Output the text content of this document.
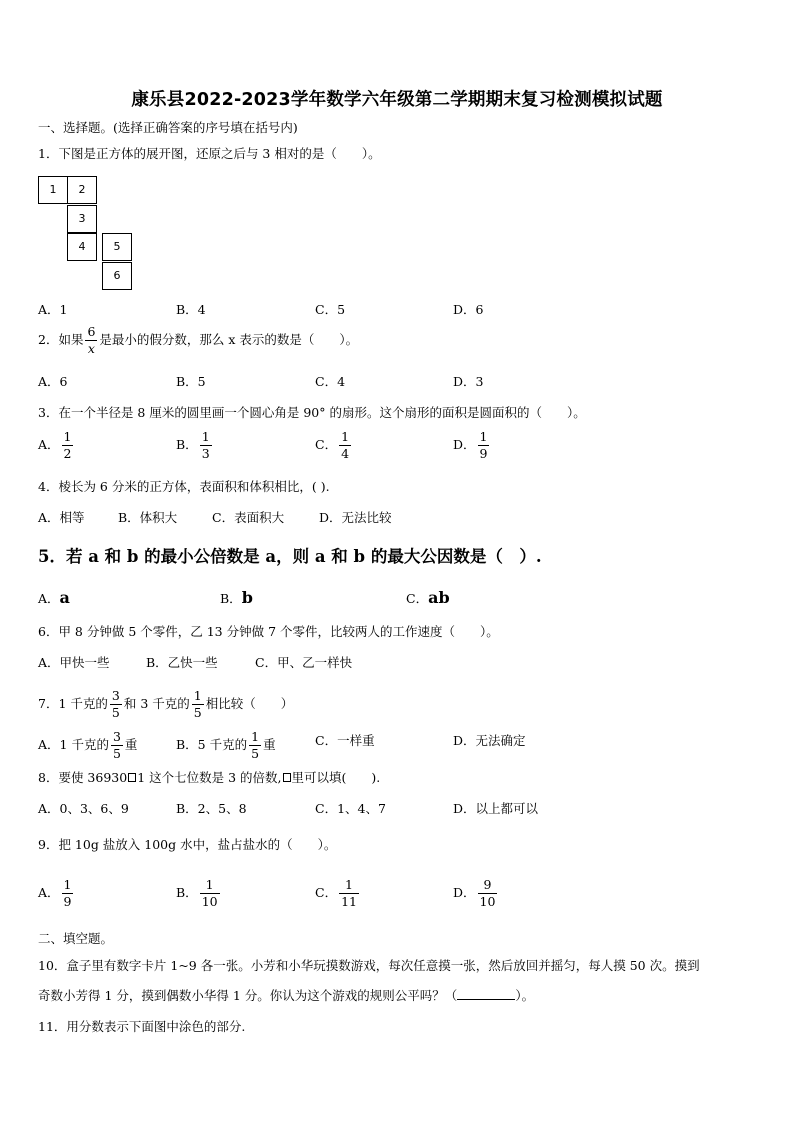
康乐县2022-2023学年数学六年级第二学期期末复习检测模拟试题
一、选择题。(选择正确答案的序号填在括号内)
1．下图是正方体的展开图，还原之后与 3 相对的是（　　）。
1	2
3
4	5
6
A．1	B．4	C．5	D．6
2．如果 $\frac{6}{x}$ 是最小的假分数，那么 x 表示的数是（　　）。
A．6	B．5	C．4	D．3
3．在一个半径是 8 厘米的圆里画一个圆心角是 90° 的扇形。这个扇形的面积是圆面积的（　　）。
A． $\frac{1}{2}$	B． $\frac{1}{3}$	C． $\frac{1}{4}$	D． $\frac{1}{9}$
4．棱长为 6 分米的正方体，表面积和体积相比，( ).
A．相等	B．体积大	C．表面积大	D．无法比较
5．若 a 和 b 的最小公倍数是 a，则 a 和 b 的最大公因数是（　）.
A．a	B．b	C．ab
6．甲 8 分钟做 5 个零件，乙 13 分钟做 7 个零件，比较两人的工作速度（　　）。
A．甲快一些	B．乙快一些	C．甲、乙一样快
7．1 千克的 $\frac{3}{5}$ 和 3 千克的 $\frac{1}{5}$ 相比较（　　）
A．1 千克的 $\frac{3}{5}$ 重	B．5 千克的 $\frac{1}{5}$ 重	C．一样重	D．无法确定
8．要使 36930 1 这个七位数是 3 的倍数, 里可以填(　　).
A．0、3、6、9	B．2、5、8	C．1、4、7	D．以上都可以
9．把 10g 盐放入 100g 水中，盐占盐水的（　　）。
A． $\frac{1}{9}$	B． $\frac{1}{10}$	C． $\frac{1}{11}$	D． $\frac{9}{10}$
二、填空题。
10．盒子里有数字卡片 1~9 各一张。小芳和小华玩摸数游戏，每次任意摸一张，然后放回并摇匀，每人摸 50 次。摸到
奇数小芳得 1 分，摸到偶数小华得 1 分。你认为这个游戏的规则公平吗？（	）。
11．用分数表示下面图中涂色的部分.
